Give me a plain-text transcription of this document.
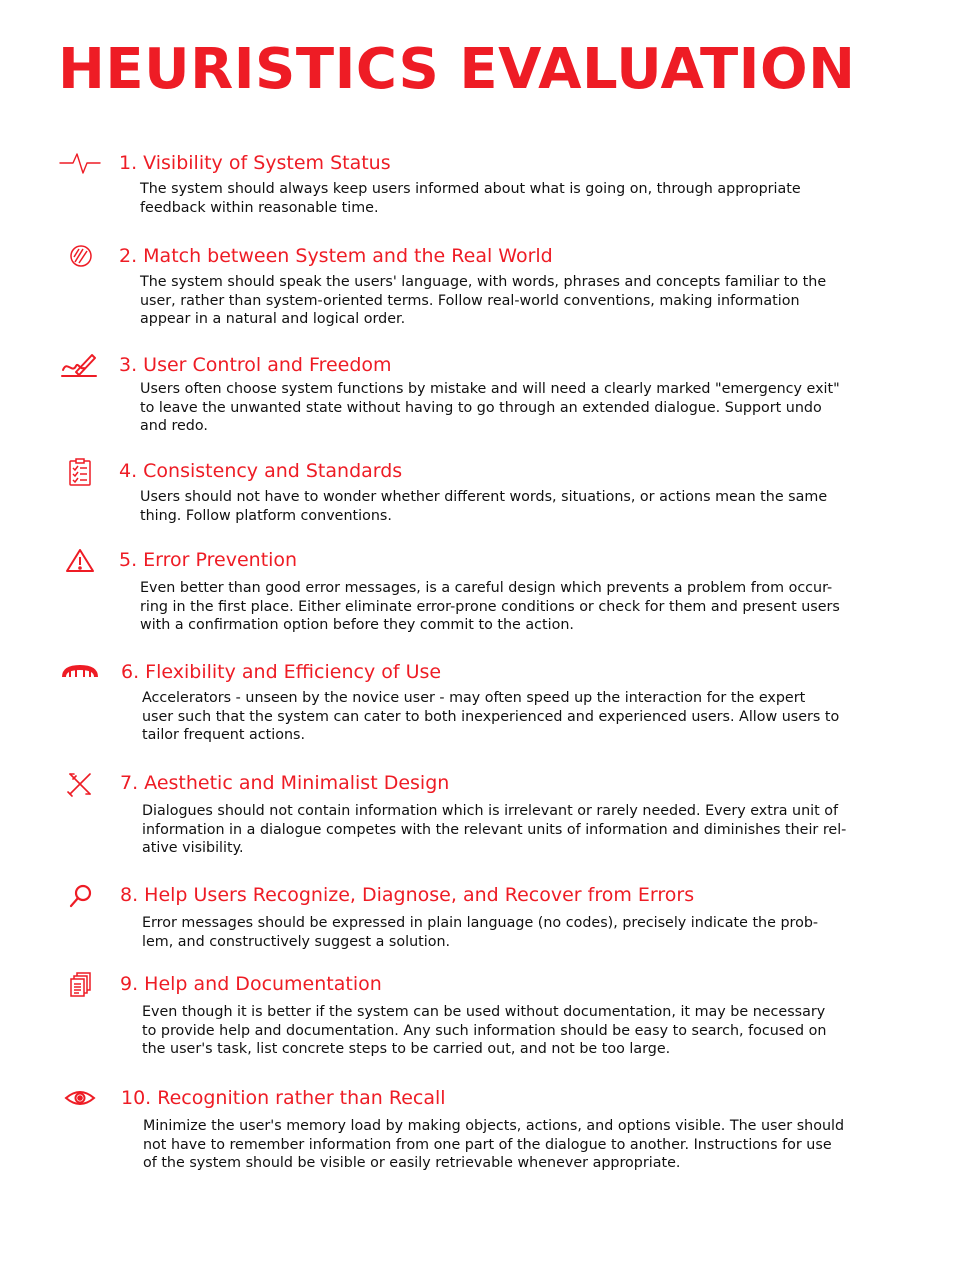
HEURISTICS EVALUATION
1. Visibility of System Status
The system should always keep users informed about what is going on, through appropriate
feedback within reasonable time.
2. Match between System and the Real World
The system should speak the users' language, with words, phrases and concepts familiar to the
user, rather than system-oriented terms. Follow real-world conventions, making information
appear in a natural and logical order.
3. User Control and Freedom
Users often choose system functions by mistake and will need a clearly marked "emergency exit"
to leave the unwanted state without having to go through an extended dialogue. Support undo
and redo.
4. Consistency and Standards
Users should not have to wonder whether different words, situations, or actions mean the same
thing. Follow platform conventions.
5. Error Prevention
Even better than good error messages, is a careful design which prevents a problem from occur-
ring in the first place. Either eliminate error-prone conditions or check for them and present users
with a confirmation option before they commit to the action.
6. Flexibility and Efficiency of Use
Accelerators - unseen by the novice user - may often speed up the interaction for the expert
user such that the system can cater to both inexperienced and experienced users. Allow users to
tailor frequent actions.
7. Aesthetic and Minimalist Design
Dialogues should not contain information which is irrelevant or rarely needed. Every extra unit of
information in a dialogue competes with the relevant units of information and diminishes their rel-
ative visibility.
8. Help Users Recognize, Diagnose, and Recover from Errors
Error messages should be expressed in plain language (no codes), precisely indicate the prob-
lem, and constructively suggest a solution.
9. Help and Documentation
Even though it is better if the system can be used without documentation, it may be necessary
to provide help and documentation. Any such information should be easy to search, focused on
the user's task, list concrete steps to be carried out, and not be too large.
10. Recognition rather than Recall
Minimize the user's memory load by making objects, actions, and options visible. The user should
not have to remember information from one part of the dialogue to another. Instructions for use
of the system should be visible or easily retrievable whenever appropriate.
